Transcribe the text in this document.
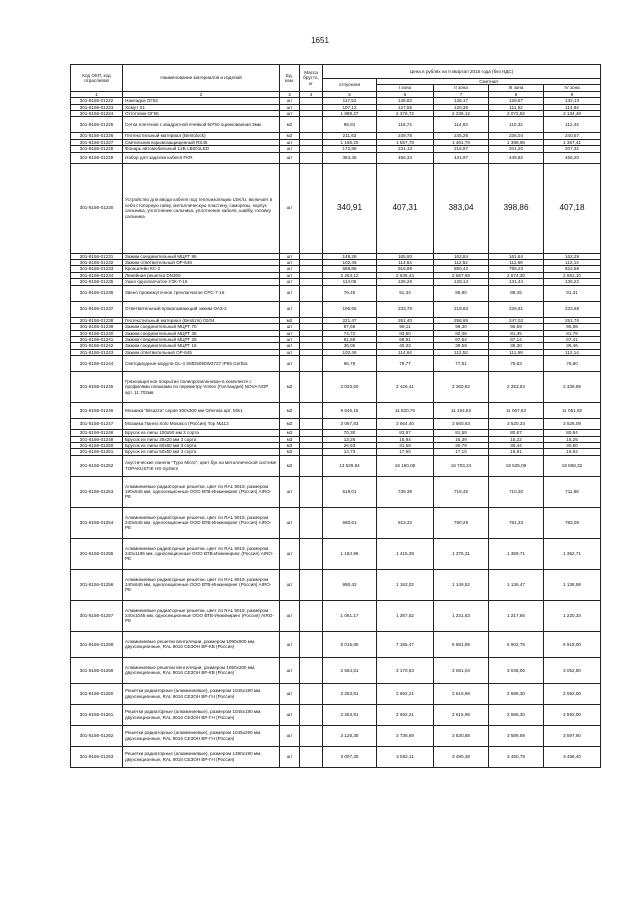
1651
Код ОКП, код отраслевой	Наименование материалов и изделий	Ед. изм.	Масса брутто, кг	Цена в рублях на II квартал 2016 года (без НДС)				
				отпускная	Сметная			
					I зона	II зона	III зона	IV зона
1	2	3	4	5	6	7	8	9
301-8156-01222	Накладка ОГ52	шт		117,52	145,82	138,17	128,57	132,13
301-8156-01223	Хомут Х1	шт		107,12	127,55	120,36	111,52	114,94
301-8156-01224	Отготовок ОГ55	шт		1 889,27	2 376,72	2 235,12	2 072,82	2 134,48
301-8156-01225	Сетка плетеная с квадратной ячейкой 50*50 оцинкованная 3мм	м2		98,91	116,74	114,63	110,32	112,44
301-8156-01226	Геотекстильный материал (Bentolock)	м2		211,63	249,78	245,26	236,04	240,57
301-8156-01227	Светильник взрывозащищенный RS45	шт		1 165,20	1 557,78	1 461,70	1 398,96	1 357,41
301-8156-01228	Фонарь автомобильный 12В LB001LED	шт		172,88	231,13	216,87	201,20	207,31
301-8156-01229	Набор для заделки кабеля FKR	шт		384,45	456,34	431,97	449,92	456,20
301-8156-01230	Устройство для ввода кабеля под теплоизоляцию LEK/U, включает в себя стопорную гайку, металлическую пластину, саморезы, корпус сальника, уплотнение сальника, уплотнение кабеля, шайбу, головку сальника	шт		340,91	407,31	383,04	398,86	407,18
301-8156-01231	Зажим соединительный МЦРТ 95	шт		148,28	165,90	162,84	161,64	162,29
301-8156-01232	Зажим ответвительный ОР-645	шт		102,46	114,64	112,52	111,69	112,14
301-8156-01233	Кронштейн КС-2	шт		688,88	916,99	860,42	798,23	822,59
301-8156-01234	Линейная решетка DN300	шт		2 264,12	2 635,44	2 587,69	2 574,30	2 581,10
301-8156-01235	Ушко однолапчатое УЗК-7-16	шт		114,05	136,26	128,14	131,44	136,22
301-8156-01236	Звено промежуточное трехлапчатое СРС-7-16	шт		76,45	91,34	85,90	88,45	91,31
301-8156-01237	Ответвительный прокалывающий зажим ОАЗ-2	шт		195,65	233,76	219,83	226,91	233,68
301-8156-01238	Геотекстильный материал (Bentizin) 02/04	м2		221,47	261,40	256,66	247,02	251,76
301-8156-01239	Зажим соединительный МЦРТ 70	шт		87,68	98,11	96,30	95,59	95,98
301-8156-01240	Зажим соединительный МЦРТ 35	шт		74,72	83,60	82,06	81,45	81,78
301-8156-01241	Зажим соединительный МЦРТ 25	шт		61,59	68,91	67,64	67,14	67,41
301-8156-01242	Зажим соединительный МЦРТ 16	шт		36,05	40,33	39,59	39,30	39,46
301-8156-01243	Зажим ответвительный ОР-645	шт		102,46	114,64	112,52	111,69	112,14
301-8156-01244	Светодиодные модули GL-4 SMD5050W3737 IP65 Gertlac	шт		66,78	79,77	77,51	75,63	76,80
301-8156-01245	Грязезащитное покрытие полипропиленовое в комплекте с профилями планками по периметру Vortex (Голландия) NOVA NOP арт. 11.702мв	м2		2 033,50	2 426,41	2 360,82	2 353,84	2 338,98
301-8156-01246	Мозаика "Bisazza" серая 300х300 мм Orlensia арт. Mis1	м2		9 645,15	11 620,76	11 194,52	11 067,53	11 051,92
301-8156-01247	Мозаика Панно Solo Mosaico (Россия) Тор №113	м2		3 067,83	3 664,40	3 560,63	3 520,24	3 526,09
301-8156-01248	Брусок из липы 100х50 мм 3 сорта	м3		70,30	83,97	81,59	80,67	80,84
301-8156-01249	Брусок из липы 30х20 мм 3 сорта	м3		13,26	15,84	15,39	15,22	15,25
301-8156-01250	Брусок из липы 60х60 мм 3 сорта	м3		26,53	31,58	30,79	30,44	30,50
301-8156-01251	Брусок из липы 50х50 мм 3 сорта	м3		14,73	17,60	17,10	16,91	16,94
301-8156-01252	Акустические панели "Typo Micro", цвет бук на металлической системе TOPAKUSTIK HS-System	м2		13 529,84	16 160,08	15 703,24	15 525,09	15 559,32
301-8156-01253	Алюминиевые радиаторные решетки, цвет по RAL 9019, размером 190х545 мм, односекционные ООО ВТВ-Инжиниринг (Россия) AIRO-PE	шт		619,01	739,39	718,45	710,30	711,88
301-8156-01254	Алюминиевые радиаторные решетки, цвет по RAL 9019, размером 240х545 мм, односекционные ООО ВТВ-Инжиниринг (Россия) AIRO-PE	шт		680,61	813,32	790,29	781,33	783,05
301-8156-01255	Алюминиевые радиаторные решетки, цвет по RAL 9019, размером 240х1195 мм, односекционные ООО ВТВ-Инжиниринг (Россия) AIRO-PE	шт		1 184,96	1 415,39	1 375,31	1 359,71	1 362,71
301-8156-01256	Алюминиевые радиаторные решетки, цвет по RAL 9019, размером 240х640 мм, односекционные ООО ВТВ-Инжиниринг (Россия) AIRO-PE	шт		990,42	1 183,02	1 149,52	1 136,47	1 138,98
301-8156-01257	Алюминиевые радиаторные решетки, цвет по RAL 9019, размером 240х1045 мм, односекционные ООО ВТВ-Инжиниринг (Россия) AIRO-PE	шт		1 061,17	1 267,52	1 231,63	1 217,66	1 220,34
301-8156-01258	Алюминиевые решетки вентиляции, размером 1090х900 мм, двухсекционные, RAL 9016 СЕЗОН ВР-КВ (Россия)	шт		6 015,85	7 185,47	6 981,99	6 902,76	6 918,00
301-8156-01259	Алюминиевые решетки вентиляции, размером 1090х200 мм, двухсекционные, RAL 9016 СЕЗОН ВР-КВ (Россия)	шт		2 554,61	3 170,63	3 081,04	3 046,06	3 052,80
301-8156-01260	Решетки радиаторные (алюминиевые), размером 1045х190 мм, двухсекционные, RAL 9016 СЕЗОН ВР-ГН (Россия)	шт		2 253,91	2 692,21	2 615,98	2 586,30	2 592,00
301-8156-01261	Решетки радиаторные (алюминиевые), размером 1045х190 мм, двухсекционные, RAL 9016 СЕЗОН ВР-ГН (Россия)	шт		2 253,91	2 692,21	2 615,98	2 586,30	2 592,00
301-8156-01262	Решетки радиаторные (алюминиевые), размером 1045х290 мм, двухсекционные, RAL 9016 СЕЗОН ВР-ГН (Россия)	шт		3 128,35	3 736,69	3 630,88	3 589,69	3 597,60
301-8156-01263	Решетки радиаторные (алюминиевые), размером 1390х190 мм, двухсекционные, RAL 9016 СЕЗОН ВР-ГН (Россия)	шт		3 007,30	3 592,11	3 490,39	3 450,79	3 458,40
